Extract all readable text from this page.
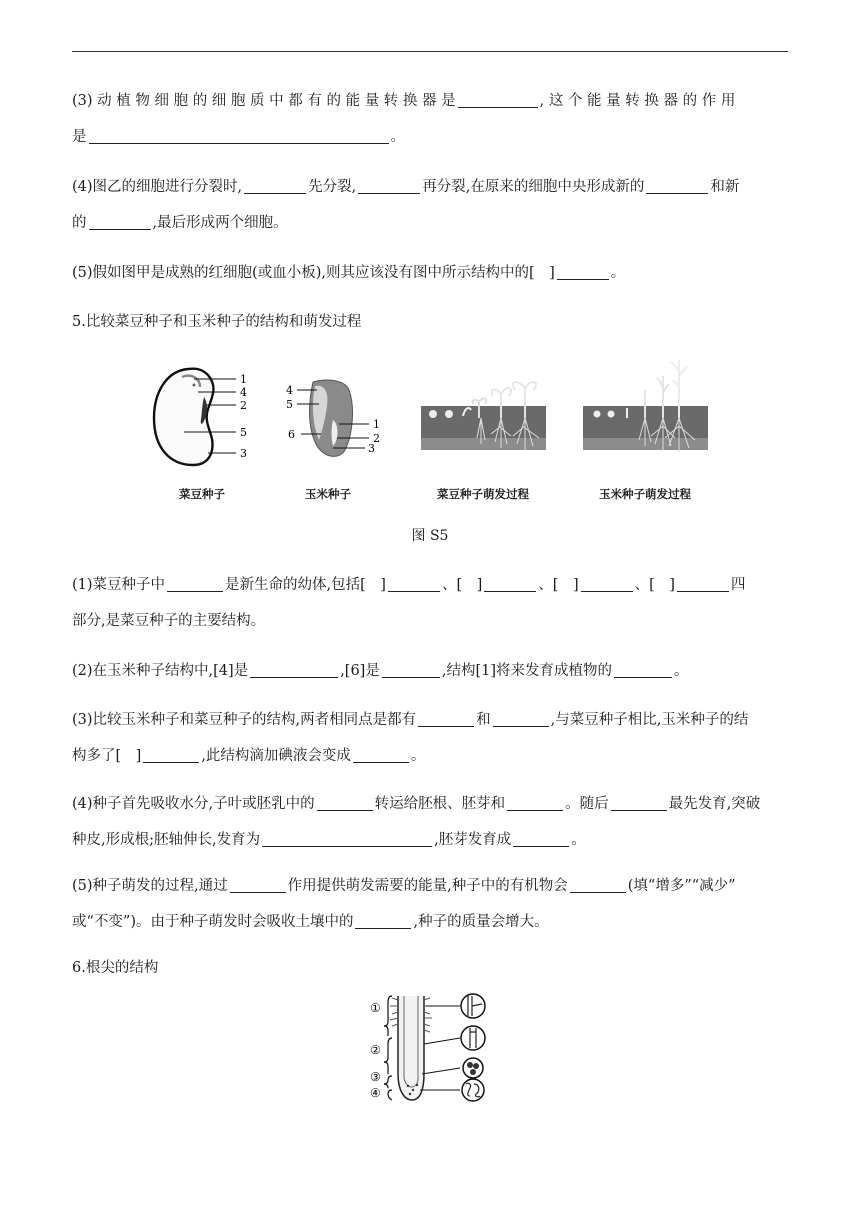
(3) 动 植 物 细 胞 的 细 胞 质 中 都 有 的 能 量 转 换 器 是	, 这 个 能 量 转 换 器 的 作 用

是	。

(4)图乙的细胞进行分裂时,	先分裂,	再分裂,在原来的细胞中央形成新的	和新

的	,最后形成两个细胞。

(5)假如图甲是成熟的红细胞(或血小板),则其应该没有图中所示结构中的[　]	。

5.比较菜豆种子和玉米种子的结构和萌发过程

1
4
2
5
3
4
5
6
1
2
3
菜豆种子	玉米种子	菜豆种子萌发过程	玉米种子萌发过程
图 S5

(1)菜豆种子中	是新生命的幼体,包括[　]	、[　]	、[　]	、[　]	四

部分,是菜豆种子的主要结构。

(2)在玉米种子结构中,[4]是	,[6]是	,结构[1]将来发育成植物的	。

(3)比较玉米种子和菜豆种子的结构,两者相同点是都有	和	,与菜豆种子相比,玉米种子的结

构多了[　]	,此结构滴加碘液会变成	。

(4)种子首先吸收水分,子叶或胚乳中的	转运给胚根、胚芽和	。随后	最先发育,突破

种皮,形成根;胚轴伸长,发育为	,胚芽发育成	。

(5)种子萌发的过程,通过	作用提供萌发需要的能量,种子中的有机物会	(填“增多”“减少”

或“不变”)。由于种子萌发时会吸收土壤中的	,种子的质量会增大。

6.根尖的结构

①
②
③
④
